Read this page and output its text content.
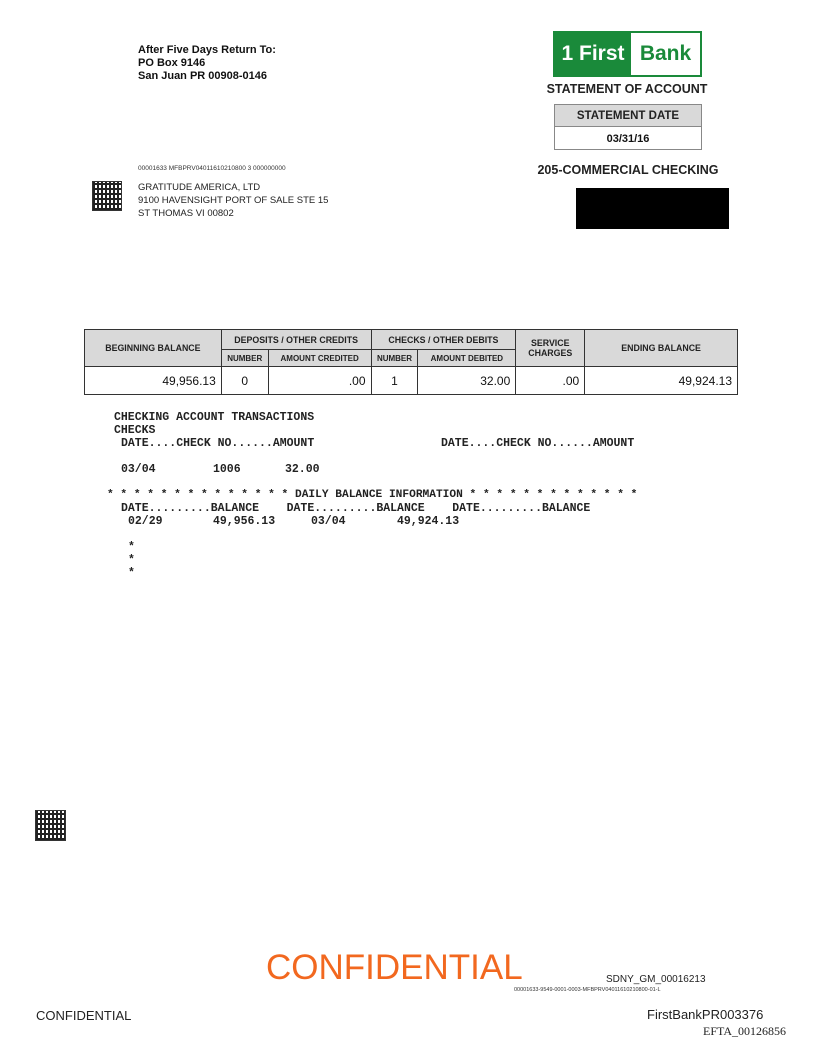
After Five Days Return To:
PO Box 9146
San Juan PR 00908-0146
1 First Bank
STATEMENT OF ACCOUNT
STATEMENT DATE
03/31/16
205-COMMERCIAL CHECKING
00001633 MFBPRV04011610210800 3 000000000
GRATITUDE AMERICA, LTD
9100 HAVENSIGHT PORT OF SALE STE 15
ST THOMAS VI 00802
BEGINNING BALANCE	DEPOSITS / OTHER CREDITS		CHECKS / OTHER DEBITS		SERVICE CHARGES	ENDING BALANCE
	NUMBER	AMOUNT CREDITED	NUMBER	AMOUNT DEBITED		
49,956.13	0	.00	1	32.00	.00	49,924.13
CHECKING ACCOUNT TRANSACTIONS
CHECKS
DATE....CHECK NO......AMOUNT	DATE....CHECK NO......AMOUNT
03/04	1006	32.00
* * * * * * * * * * * * * * DAILY BALANCE INFORMATION * * * * * * * * * * * * *
DATE.........BALANCE    DATE.........BALANCE    DATE.........BALANCE
02/29	49,956.13	03/04	49,924.13
*
*
*
CONFIDENTIAL	SDNY_GM_00016213
00001633-9549-0001-0003-MFBPRV04011610210800-01-L
CONFIDENTIAL	FirstBankPR003376
EFTA_00126856
